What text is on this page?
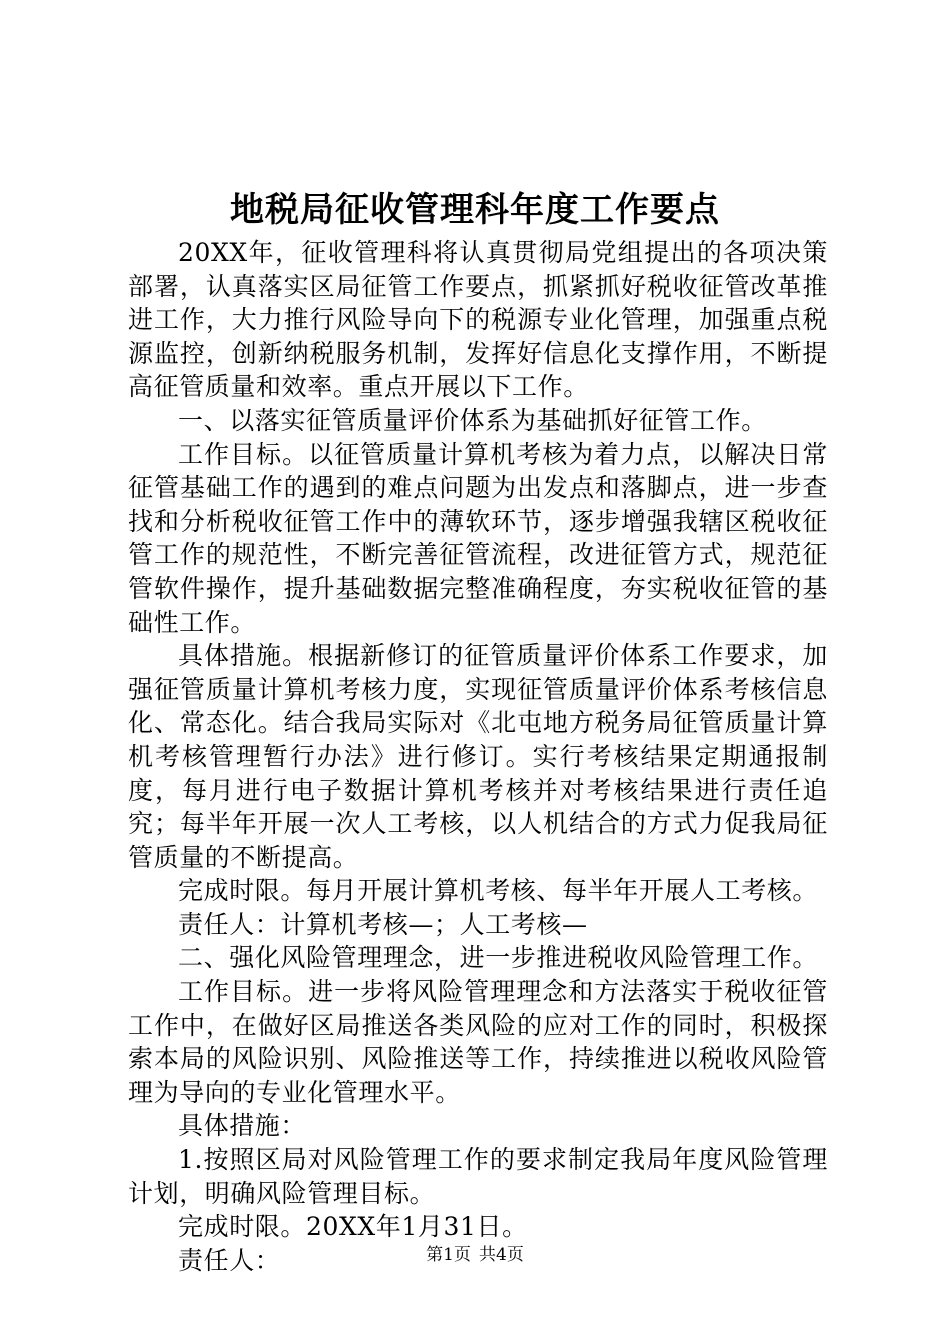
地税局征收管理科年度工作要点

20XX年，征收管理科将认真贯彻局党组提出的各项决策部署，认真落实区局征管工作要点，抓紧抓好税收征管改革推进工作，大力推行风险导向下的税源专业化管理，加强重点税源监控，创新纳税服务机制，发挥好信息化支撑作用，不断提高征管质量和效率。重点开展以下工作。

一、以落实征管质量评价体系为基础抓好征管工作。

工作目标。以征管质量计算机考核为着力点，以解决日常征管基础工作的遇到的难点问题为出发点和落脚点，进一步查找和分析税收征管工作中的薄软环节，逐步增强我辖区税收征管工作的规范性，不断完善征管流程，改进征管方式，规范征管软件操作，提升基础数据完整准确程度，夯实税收征管的基础性工作。

具体措施。根据新修订的征管质量评价体系工作要求，加强征管质量计算机考核力度，实现征管质量评价体系考核信息化、常态化。结合我局实际对《北屯地方税务局征管质量计算机考核管理暂行办法》进行修订。实行考核结果定期通报制度，每月进行电子数据计算机考核并对考核结果进行责任追究；每半年开展一次人工考核，以人机结合的方式力促我局征管质量的不断提高。

完成时限。每月开展计算机考核、每半年开展人工考核。

责任人：计算机考核—；人工考核—

二、强化风险管理理念，进一步推进税收风险管理工作。

工作目标。进一步将风险管理理念和方法落实于税收征管工作中，在做好区局推送各类风险的应对工作的同时，积极探索本局的风险识别、风险推送等工作，持续推进以税收风险管理为导向的专业化管理水平。

具体措施：

1.按照区局对风险管理工作的要求制定我局年度风险管理计划，明确风险管理目标。

完成时限。20XX年1月31日。

责任人：	第1页 共4页
